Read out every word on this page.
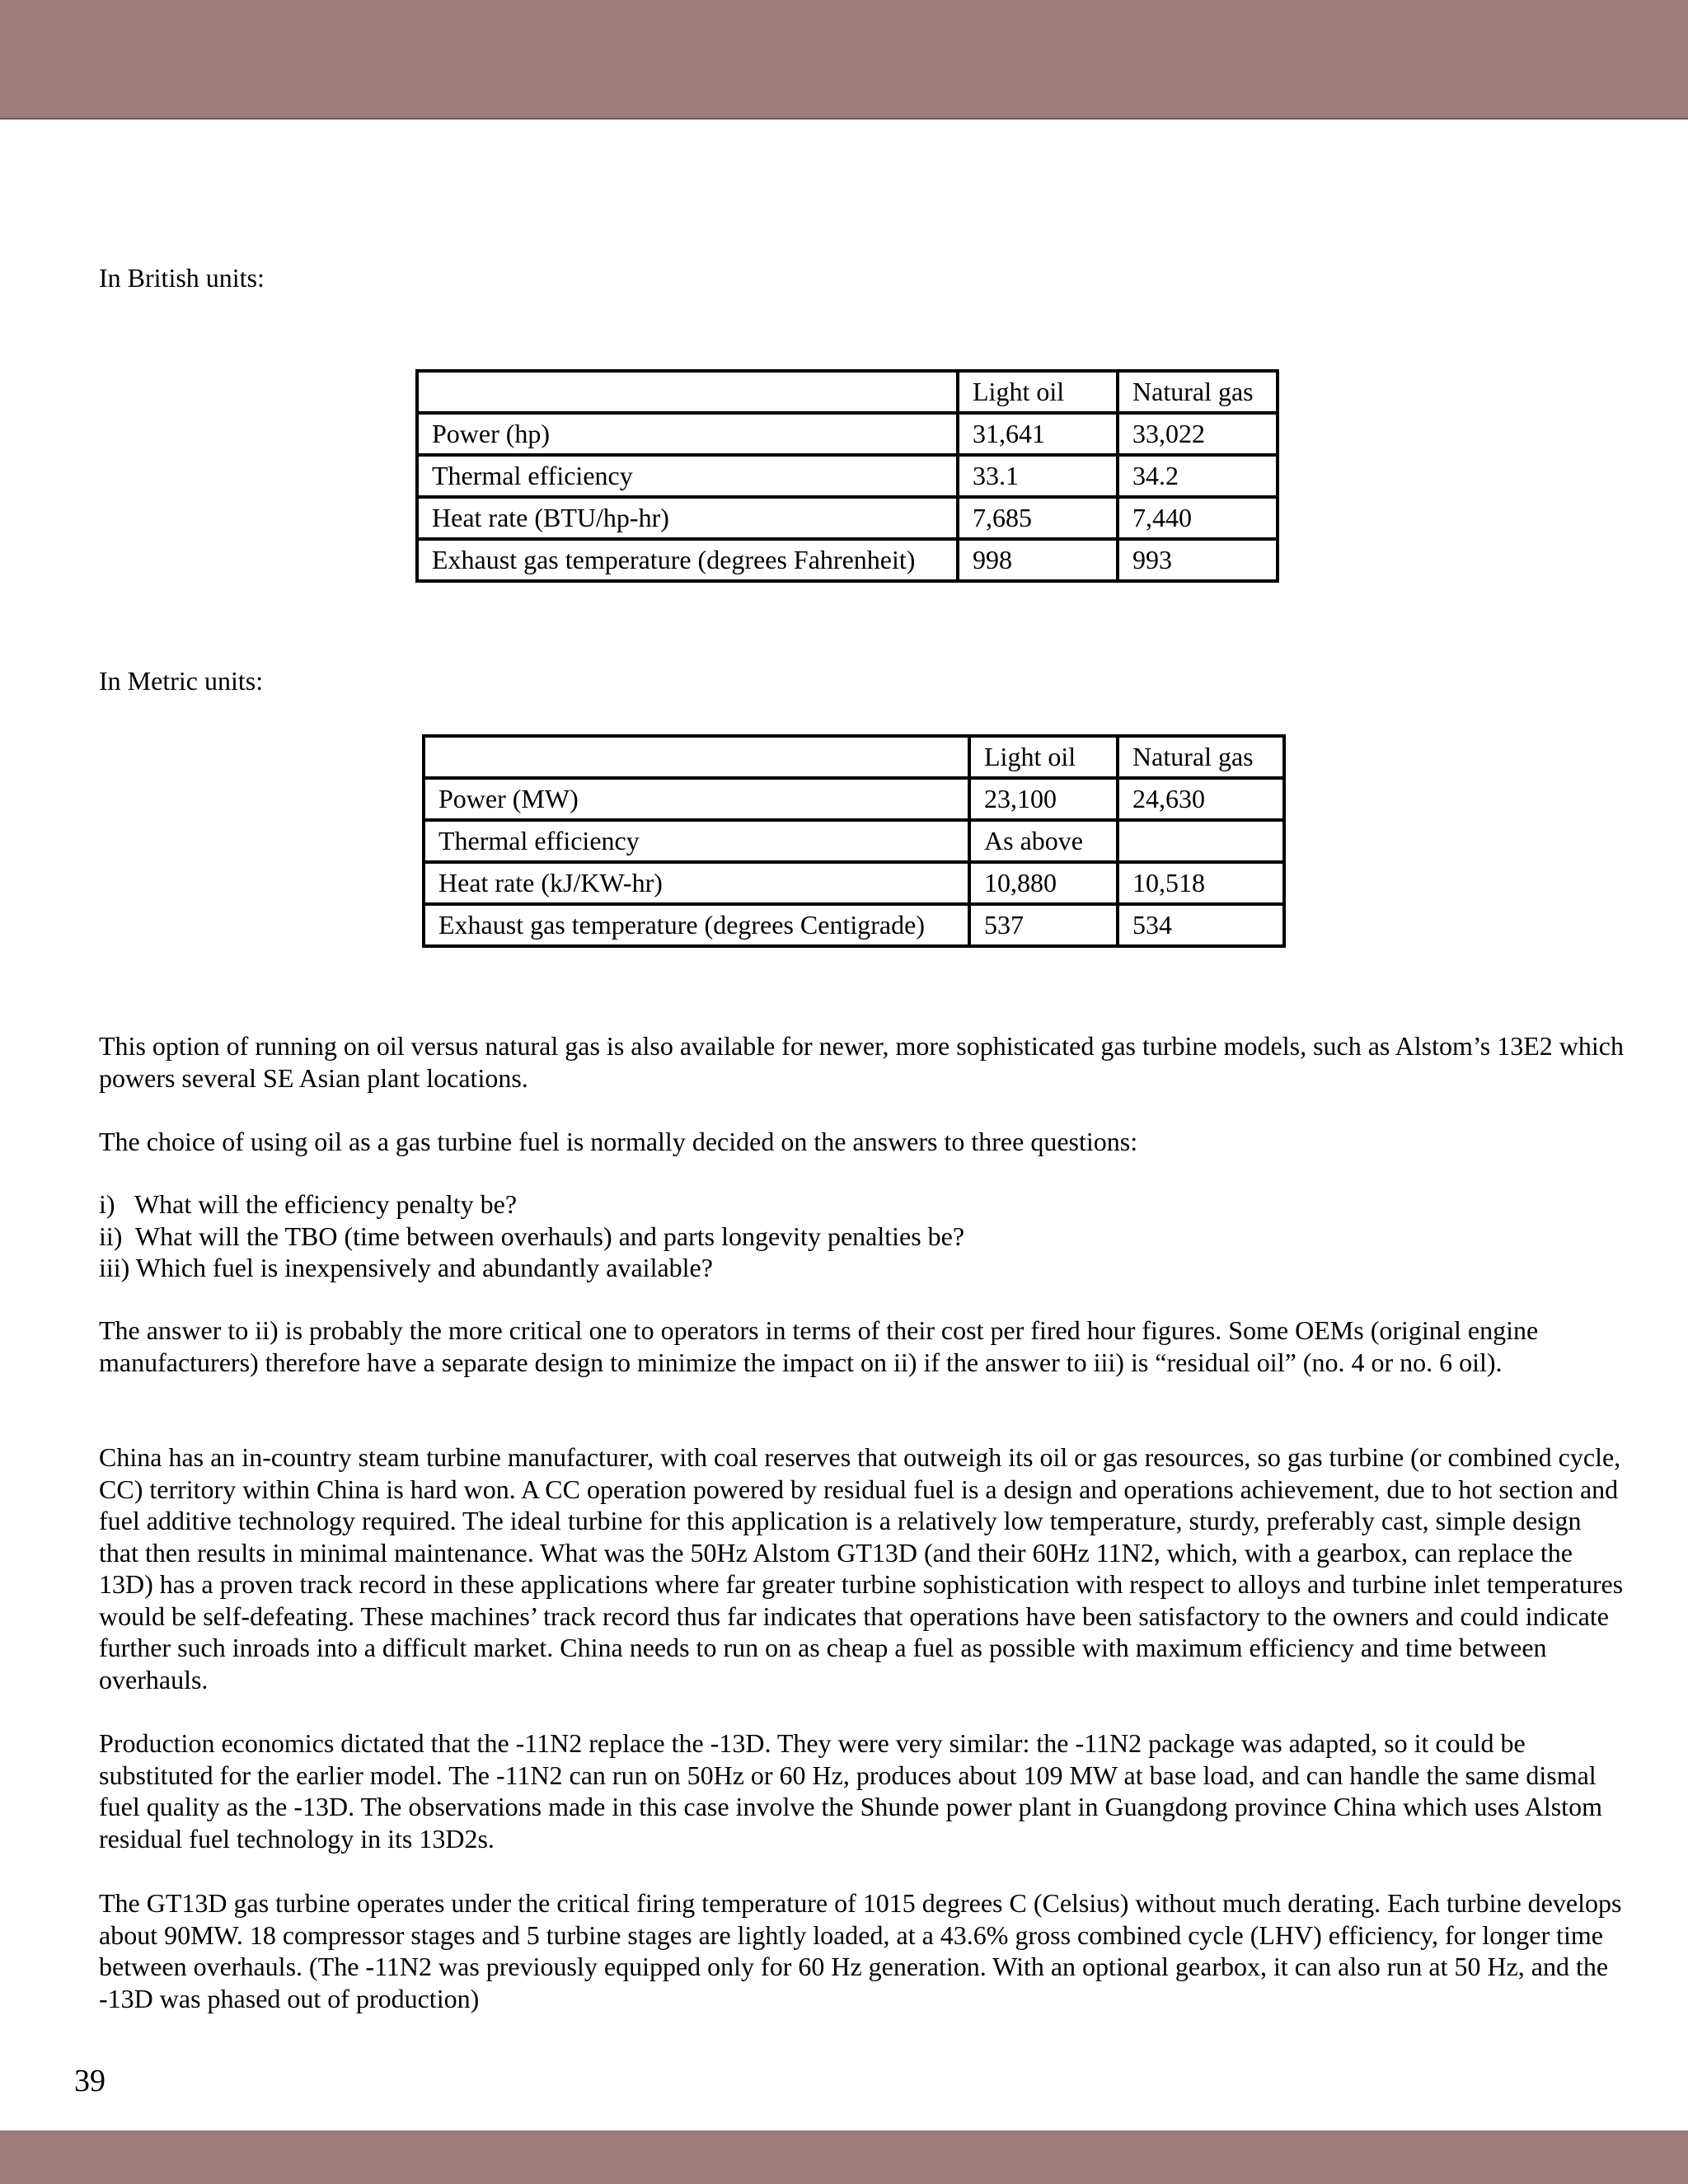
In British units:
	Light oil	Natural gas
Power (hp)	31,641	33,022
Thermal efficiency	33.1	34.2
Heat rate (BTU/hp-hr)	7,685	7,440
Exhaust gas temperature (degrees Fahrenheit)	998	993
In Metric units:
	Light oil	Natural gas
Power (MW)	23,100	24,630
Thermal efficiency	As above	
Heat rate (kJ/KW-hr)	10,880	10,518
Exhaust gas temperature (degrees Centigrade)	537	534
This option of running on oil versus natural gas is also available for newer, more sophisticated gas turbine models, such as Alstom’s 13E2 which powers several SE Asian plant locations.
The choice of using oil as a gas turbine fuel is normally decided on the answers to three questions:
i)   What will the efficiency penalty be?
ii)  What will the TBO (time between overhauls) and parts longevity penalties be?
iii) Which fuel is inexpensively and abundantly available?
The answer to ii) is probably the more critical one to operators in terms of their cost per fired hour figures. Some OEMs (original engine manufacturers) therefore have a separate design to minimize the impact on ii) if the answer to iii) is “residual oil” (no. 4 or no. 6 oil).
China has an in-country steam turbine manufacturer, with coal reserves that outweigh its oil or gas resources, so gas turbine (or combined cycle, CC) territory within China is hard won. A CC operation powered by residual fuel is a design and operations achievement, due to hot section and fuel additive technology required. The ideal turbine for this application is a relatively low temperature, sturdy, preferably cast, simple design that then results in minimal maintenance. What was the 50Hz Alstom GT13D (and their 60Hz 11N2, which, with a gearbox, can replace the 13D) has a proven track record in these applications where far greater turbine sophistication with respect to alloys and turbine inlet temperatures would be self-defeating. These machines’ track record thus far indicates that operations have been satisfactory to the owners and could indicate further such inroads into a difficult market. China needs to run on as cheap a fuel as possible with maximum efficiency and time between overhauls.
Production economics dictated that the -11N2 replace the -13D. They were very similar: the -11N2 package was adapted, so it could be substituted for the earlier model. The -11N2 can run on 50Hz or 60 Hz, produces about 109 MW at base load, and can handle the same dismal fuel quality as the -13D. The observations made in this case involve the Shunde power plant in Guangdong province China which uses Alstom residual fuel technology in its 13D2s.
The GT13D gas turbine operates under the critical firing temperature of 1015 degrees C (Celsius) without much derating. Each turbine develops about 90MW. 18 compressor stages and 5 turbine stages are lightly loaded, at a 43.6% gross combined cycle (LHV) efficiency, for longer time between overhauls. (The -11N2 was previously equipped only for 60 Hz generation. With an optional gearbox, it can also run at 50 Hz, and the -13D was phased out of production)
39
